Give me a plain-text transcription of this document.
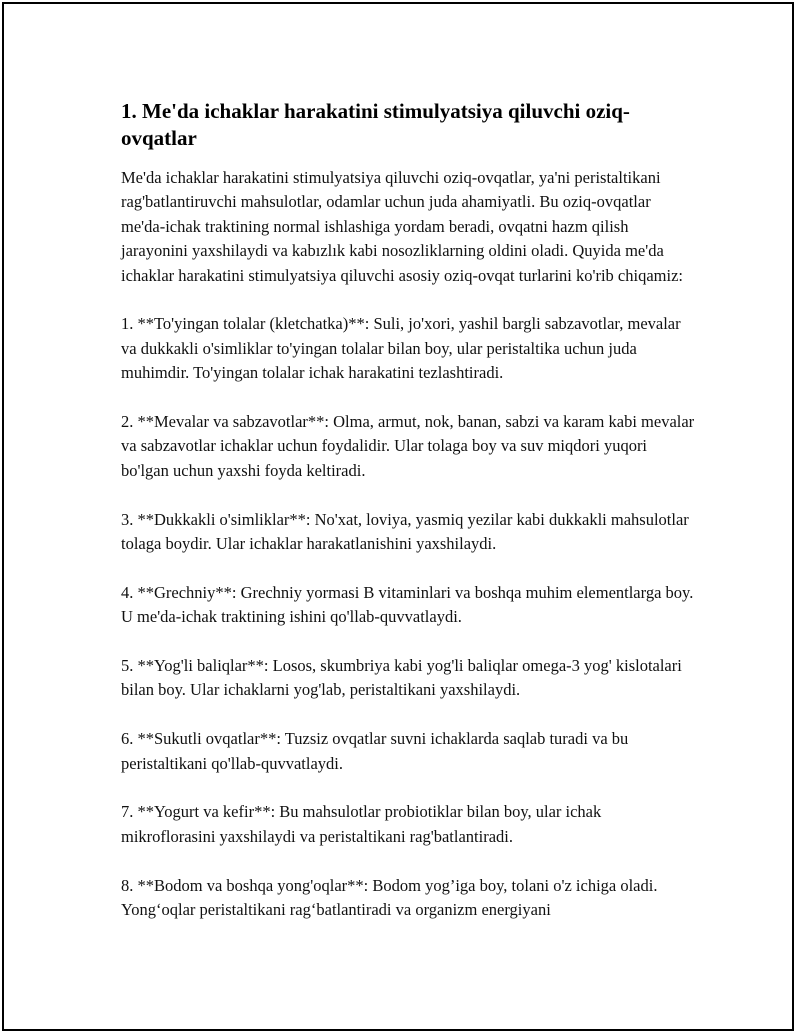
1. Me'da ichaklar harakatini stimulyatsiya qiluvchi oziq-ovqatlar

Me'da ichaklar harakatini stimulyatsiya qiluvchi oziq-ovqatlar, ya'ni peristaltikani rag'batlantiruvchi mahsulotlar, odamlar uchun juda ahamiyatli. Bu oziq-ovqatlar me'da-ichak traktining normal ishlashiga yordam beradi, ovqatni hazm qilish jarayonini yaxshilaydi va kabızlık kabi nosozliklarning oldini oladi. Quyida me'da ichaklar harakatini stimulyatsiya qiluvchi asosiy oziq-ovqat turlarini ko'rib chiqamiz:

1. **To'yingan tolalar (kletchatka)**: Suli, jo'xori, yashil bargli sabzavotlar, mevalar va dukkakli o'simliklar to'yingan tolalar bilan boy, ular peristaltika uchun juda muhimdir. To'yingan tolalar ichak harakatini tezlashtiradi.

2. **Mevalar va sabzavotlar**: Olma, armut, nok, banan, sabzi va karam kabi mevalar va sabzavotlar ichaklar uchun foydalidir. Ular tolaga boy va suv miqdori yuqori bo'lgan uchun yaxshi foyda keltiradi.

3. **Dukkakli o'simliklar**: No'xat, loviya, yasmiq yezilar kabi dukkakli mahsulotlar tolaga boydir. Ular ichaklar harakatlanishini yaxshilaydi.

4. **Grechniy**: Grechniy yormasi B vitaminlari va boshqa muhim elementlarga boy. U me'da-ichak traktining ishini qo'llab-quvvatlaydi.

5. **Yog'li baliqlar**: Losos, skumbriya kabi yog'li baliqlar omega-3 yog' kislotalari bilan boy. Ular ichaklarni yog'lab, peristaltikani yaxshilaydi.

6. **Sukutli ovqatlar**: Tuzsiz ovqatlar suvni ichaklarda saqlab turadi va bu peristaltikani qo'llab-quvvatlaydi.

7. **Yogurt va kefir**: Bu mahsulotlar probiotiklar bilan boy, ular ichak mikroflorasini yaxshilaydi va peristaltikani rag'batlantiradi.

8. **Bodom va boshqa yong'oqlar**: Bodom yog’iga boy, tolani o'z ichiga oladi. Yong‘oqlar peristaltikani rag‘batlantiradi va organizm energiyani
